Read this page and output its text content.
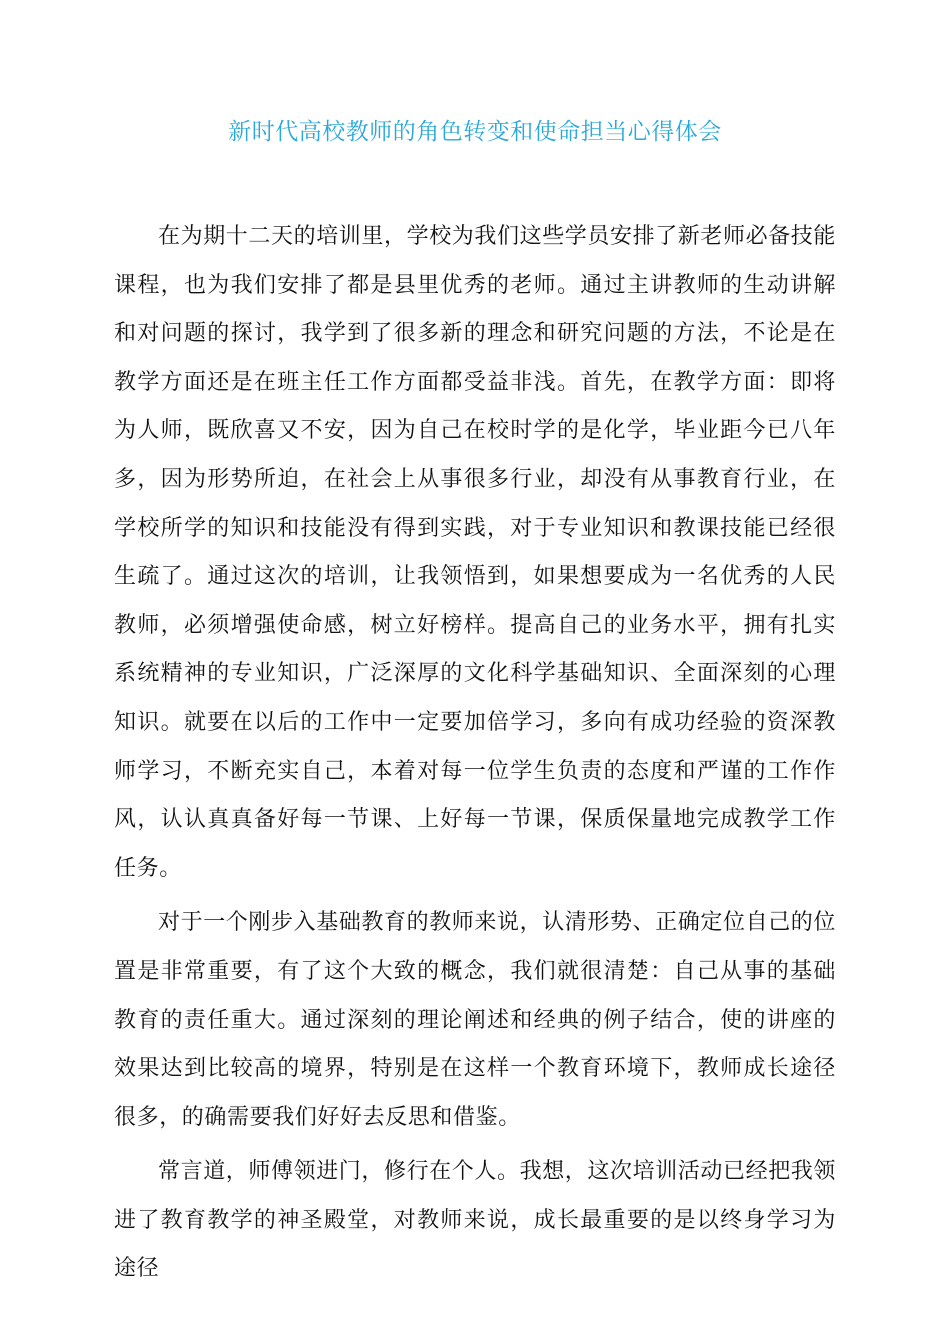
新时代高校教师的角色转变和使命担当心得体会

在为期十二天的培训里，学校为我们这些学员安排了新老师必备技能课程，也为我们安排了都是县里优秀的老师。通过主讲教师的生动讲解和对问题的探讨，我学到了很多新的理念和研究问题的方法，不论是在教学方面还是在班主任工作方面都受益非浅。首先，在教学方面：即将为人师，既欣喜又不安，因为自己在校时学的是化学，毕业距今已八年多，因为形势所迫，在社会上从事很多行业，却没有从事教育行业，在学校所学的知识和技能没有得到实践，对于专业知识和教课技能已经很生疏了。通过这次的培训，让我领悟到，如果想要成为一名优秀的人民教师，必须增强使命感，树立好榜样。提高自己的业务水平，拥有扎实系统精神的专业知识，广泛深厚的文化科学基础知识、全面深刻的心理知识。就要在以后的工作中一定要加倍学习，多向有成功经验的资深教师学习，不断充实自己，本着对每一位学生负责的态度和严谨的工作作风，认认真真备好每一节课、上好每一节课，保质保量地完成教学工作任务。

对于一个刚步入基础教育的教师来说，认清形势、正确定位自己的位置是非常重要，有了这个大致的概念，我们就很清楚：自己从事的基础教育的责任重大。通过深刻的理论阐述和经典的例子结合，使的讲座的效果达到比较高的境界，特别是在这样一个教育环境下，教师成长途径很多，的确需要我们好好去反思和借鉴。

常言道，师傅领进门，修行在个人。我想，这次培训活动已经把我领进了教育教学的神圣殿堂，对教师来说，成长最重要的是以终身学习为途径
